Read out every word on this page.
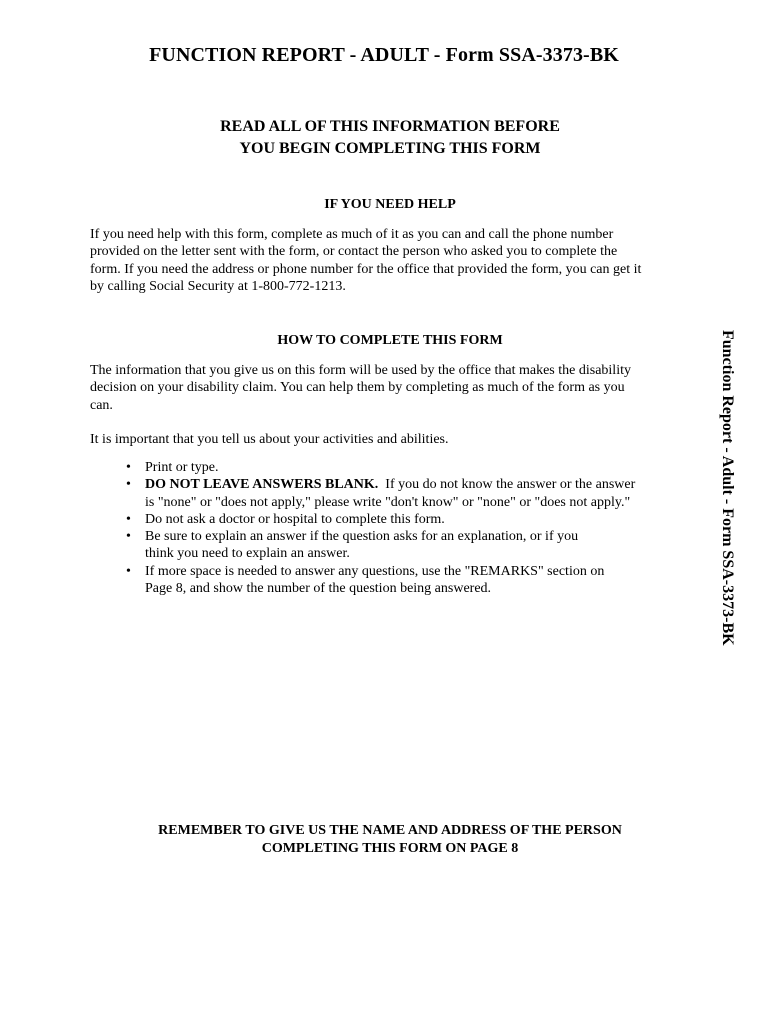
FUNCTION REPORT - ADULT - Form SSA-3373-BK
READ ALL OF THIS INFORMATION BEFORE
YOU BEGIN COMPLETING THIS FORM
IF YOU NEED HELP
If you need help with this form, complete as much of it as you can and call the phone number
provided on the letter sent with the form, or contact the person who asked you to complete the
form. If you need the address or phone number for the office that provided the form, you can get it
by calling Social Security at 1-800-772-1213.
HOW TO COMPLETE THIS FORM
The information that you give us on this form will be used by the office that makes the disability
decision on your disability claim. You can help them by completing as much of the form as you
can.
It is important that you tell us about your activities and abilities.
• Print or type.
• DO NOT LEAVE ANSWERS BLANK.  If you do not know the answer or the answer
is "none" or "does not apply," please write "don't know" or "none" or "does not apply."
• Do not ask a doctor or hospital to complete this form.
• Be sure to explain an answer if the question asks for an explanation, or if you
think you need to explain an answer.
• If more space is needed to answer any questions, use the "REMARKS" section on
Page 8, and show the number of the question being answered.
REMEMBER TO GIVE US THE NAME AND ADDRESS OF THE PERSON
COMPLETING THIS FORM ON PAGE 8
Function Report - Adult - Form SSA-3373-BK
